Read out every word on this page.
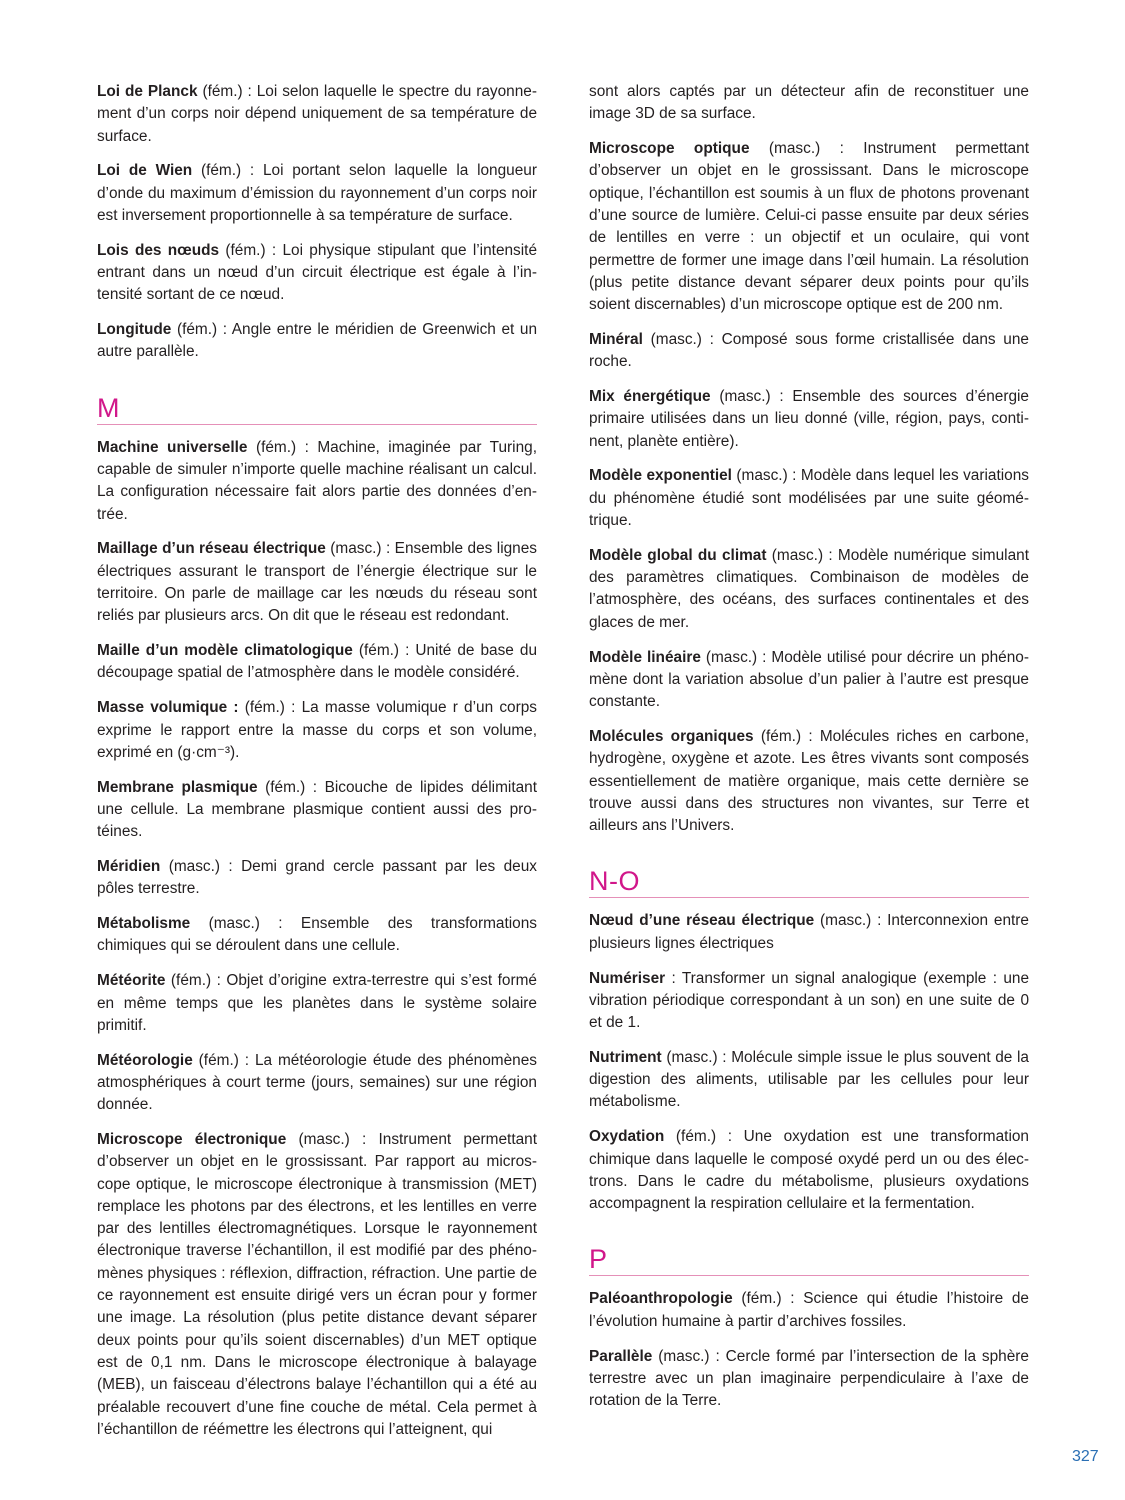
Loi de Planck (fém.) : Loi selon laquelle le spectre du rayonnement d’un corps noir dépend uniquement de sa température de surface.

Loi de Wien (fém.) : Loi portant selon laquelle la longueur d’onde du maximum d’émission du rayonnement d’un corps noir est inversement proportionnelle à sa température de surface.

Lois des nœuds (fém.) : Loi physique stipulant que l’intensité entrant dans un nœud d’un circuit électrique est égale à l’intensité sortant de ce nœud.

Longitude (fém.) : Angle entre le méridien de Greenwich et un autre parallèle.

M

Machine universelle (fém.) : Machine, imaginée par Turing, capable de simuler n’importe quelle machine réalisant un calcul. La configuration nécessaire fait alors partie des données d’entrée.

Maillage d’un réseau électrique (masc.) : Ensemble des lignes électriques assurant le transport de l’énergie électrique sur le territoire. On parle de maillage car les nœuds du réseau sont reliés par plusieurs arcs. On dit que le réseau est redondant.

Maille d’un modèle climatologique (fém.) : Unité de base du découpage spatial de l’atmosphère dans le modèle considéré.

Masse volumique : (fém.) : La masse volumique r d’un corps exprime le rapport entre la masse du corps et son volume, exprimé en (g·cm⁻³).

Membrane plasmique (fém.) : Bicouche de lipides délimitant une cellule. La membrane plasmique contient aussi des protéines.

Méridien (masc.) : Demi grand cercle passant par les deux pôles terrestre.

Métabolisme (masc.) : Ensemble des transformations chimiques qui se déroulent dans une cellule.

Météorite (fém.) : Objet d’origine extra-terrestre qui s’est formé en même temps que les planètes dans le système solaire primitif.

Météorologie (fém.) : La météorologie étude des phénomènes atmosphériques à court terme (jours, semaines) sur une région donnée.

Microscope électronique (masc.) : Instrument permettant d’observer un objet en le grossissant. Par rapport au microscope optique, le microscope électronique à transmission (MET) remplace les photons par des électrons, et les lentilles en verre par des lentilles électromagnétiques. Lorsque le rayonnement électronique traverse l’échantillon, il est modifié par des phénomènes physiques : réflexion, diffraction, réfraction. Une partie de ce rayonnement est ensuite dirigé vers un écran pour y former une image. La résolution (plus petite distance devant séparer deux points pour qu’ils soient discernables) d’un MET optique est de 0,1 nm. Dans le microscope électronique à balayage (MEB), un faisceau d’électrons balaye l’échantillon qui a été au préalable recouvert d’une fine couche de métal. Cela permet à l’échantillon de réémettre les électrons qui l’atteignent, qui

sont alors captés par un détecteur afin de reconstituer une image 3D de sa surface.

Microscope optique (masc.) : Instrument permettant d’observer un objet en le grossissant. Dans le microscope optique, l’échantillon est soumis à un flux de photons provenant d’une source de lumière. Celui-ci passe ensuite par deux séries de lentilles en verre : un objectif et un oculaire, qui vont permettre de former une image dans l’œil humain. La résolution (plus petite distance devant séparer deux points pour qu’ils soient discernables) d’un microscope optique est de 200 nm.

Minéral (masc.) : Composé sous forme cristallisée dans une roche.

Mix énergétique (masc.) : Ensemble des sources d’énergie primaire utilisées dans un lieu donné (ville, région, pays, continent, planète entière).

Modèle exponentiel (masc.) : Modèle dans lequel les variations du phénomène étudié sont modélisées par une suite géométrique.

Modèle global du climat (masc.) : Modèle numérique simulant des paramètres climatiques. Combinaison de modèles de l’atmosphère, des océans, des surfaces continentales et des glaces de mer.

Modèle linéaire (masc.) : Modèle utilisé pour décrire un phénomène dont la variation absolue d’un palier à l’autre est presque constante.

Molécules organiques (fém.) : Molécules riches en carbone, hydrogène, oxygène et azote. Les êtres vivants sont composés essentiellement de matière organique, mais cette dernière se trouve aussi dans des structures non vivantes, sur Terre et ailleurs ans l’Univers.

N-O

Nœud d’une réseau électrique (masc.) : Interconnexion entre plusieurs lignes électriques

Numériser : Transformer un signal analogique (exemple : une vibration périodique correspondant à un son) en une suite de 0 et de 1.

Nutriment (masc.) : Molécule simple issue le plus souvent de la digestion des aliments, utilisable par les cellules pour leur métabolisme.

Oxydation (fém.) : Une oxydation est une transformation chimique dans laquelle le composé oxydé perd un ou des électrons. Dans le cadre du métabolisme, plusieurs oxydations accompagnent la respiration cellulaire et la fermentation.

P

Paléoanthropologie (fém.) : Science qui étudie l’histoire de l’évolution humaine à partir d’archives fossiles.

Parallèle (masc.) : Cercle formé par l’intersection de la sphère terrestre avec un plan imaginaire perpendiculaire à l’axe de rotation de la Terre.

327
